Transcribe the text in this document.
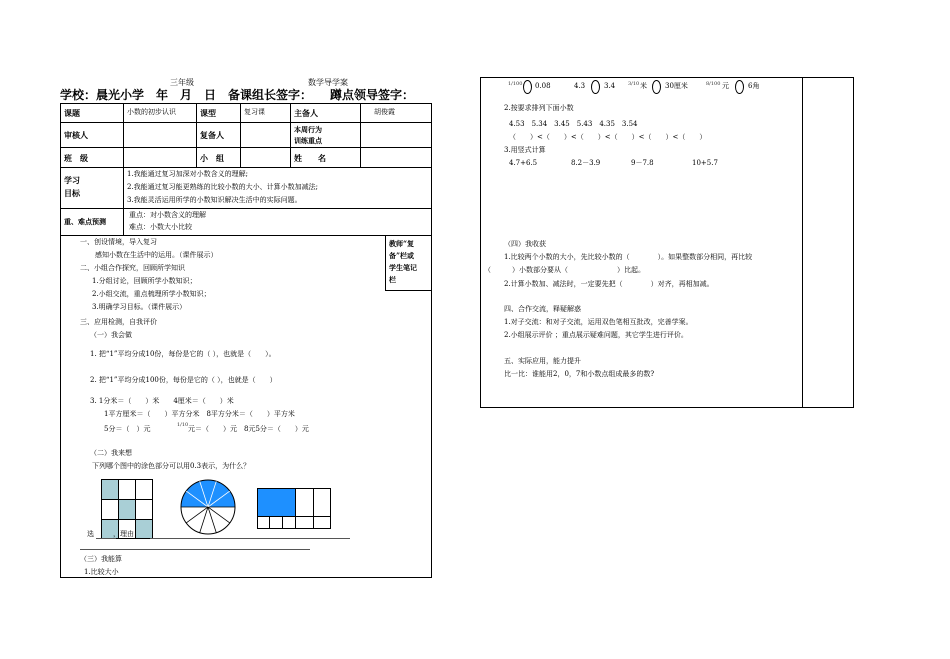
三年级	数学导学案
学校：晨光小学　年　月　日　备课组长签字：　　蹲点领导签字：
课题	小数的初步认识	课型	复习课	主备人	胡俊霞
审核人	复备人
本周行为
训练重点
班　级	小　组	姓　　名
学习
目标
1.我能通过复习加深对小数含义的理解;
2.我能通过复习能更熟练的比较小数的大小、计算小数加减法;
3.我能灵活运用所学的小数知识解决生活中的实际问题。
重、难点预测
重点：对小数含义的理解
难点：小数大小比较
教师“复
备”栏或
学生笔记
栏
一、创设情境，导入复习
感知小数在生活中的运用。（课件展示）
二、小组合作探究，回顾所学知识
1.分组讨论，回顾所学小数知识；
2.小组交流，重点梳理所学小数知识；
3.明确学习目标。（课件展示）
三、应用检测，自我评价
（一）我会做
1. 把“1”平均分成10份，每份是它的（ ），也就是（　　）。
2. 把“1”平均分成100份，每份是它的（ ），也就是（　　）
3. 1分米＝（　　）米　　4厘米＝（　　）米
1平方厘米＝（　　）平方分米　8平方分米＝（　　）平方米
5分＝（　）元	1/10 元＝（　　）元　8元5分＝（　　）元
（二）我来想
下列哪个图中的涂色部分可以用0.3表示，为什么？
选	，理由：
（三）我能算
1.比较大小
1/100 0.08	4.3	3.4	3/10 米	30厘米	8/100 元	6角
2.按要求排列下面小数
4.53　5.34　3.45　5.43　4.35　3.54
（　　）<（　　）<（　　）<（　　）<（　　）<（　　）
3.用竖式计算
4.7+6.5	8.2－3.9	9－7.8	10+5.7
（四）我收获
1.比较两个小数的大小，先比较小数的（　　　　）。如果整数部分相同，再比较
（　　　）小数部分要从（　　　　　　　）比起。
2.计算小数加、减法时，一定要先把（　　　　）对齐，再相加减。
四、合作交流，释疑解惑
1.对子交流：和对子交流，运用双色笔相互批改，完善学案。
2.小组展示评价 ；重点展示疑难问题，其它学生进行评价。
五、实际应用，能力提升
比一比：谁能用2，0，7和小数点组成最多的数?
